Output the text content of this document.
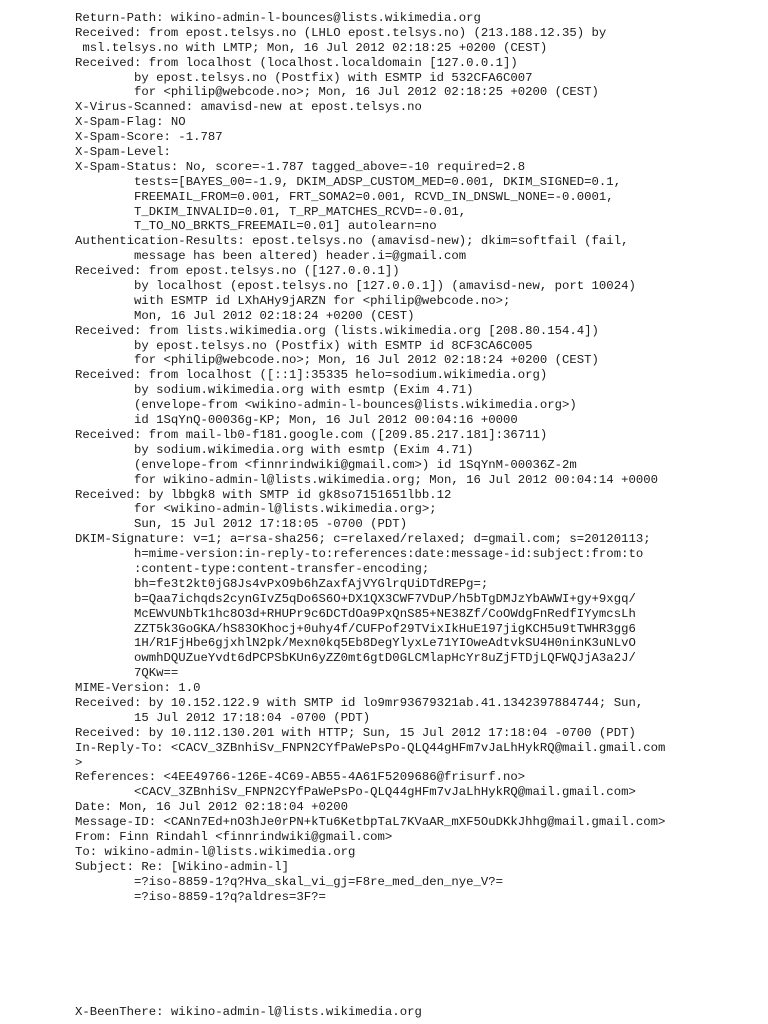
Return-Path: wikino-admin-l-bounces@lists.wikimedia.org
Received: from epost.telsys.no (LHLO epost.telsys.no) (213.188.12.35) by
msl.telsys.no with LMTP; Mon, 16 Jul 2012 02:18:25 +0200 (CEST)
Received: from localhost (localhost.localdomain [127.0.0.1])
by epost.telsys.no (Postfix) with ESMTP id 532CFA6C007
for <philip@webcode.no>; Mon, 16 Jul 2012 02:18:25 +0200 (CEST)
X-Virus-Scanned: amavisd-new at epost.telsys.no
X-Spam-Flag: NO
X-Spam-Score: -1.787
X-Spam-Level:
X-Spam-Status: No, score=-1.787 tagged_above=-10 required=2.8
tests=[BAYES_00=-1.9, DKIM_ADSP_CUSTOM_MED=0.001, DKIM_SIGNED=0.1,
FREEMAIL_FROM=0.001, FRT_SOMA2=0.001, RCVD_IN_DNSWL_NONE=-0.0001,
T_DKIM_INVALID=0.01, T_RP_MATCHES_RCVD=-0.01,
T_TO_NO_BRKTS_FREEMAIL=0.01] autolearn=no
Authentication-Results: epost.telsys.no (amavisd-new); dkim=softfail (fail,
message has been altered) header.i=@gmail.com
Received: from epost.telsys.no ([127.0.0.1])
by localhost (epost.telsys.no [127.0.0.1]) (amavisd-new, port 10024)
with ESMTP id LXhAHy9jARZN for <philip@webcode.no>;
Mon, 16 Jul 2012 02:18:24 +0200 (CEST)
Received: from lists.wikimedia.org (lists.wikimedia.org [208.80.154.4])
by epost.telsys.no (Postfix) with ESMTP id 8CF3CA6C005
for <philip@webcode.no>; Mon, 16 Jul 2012 02:18:24 +0200 (CEST)
Received: from localhost ([::1]:35335 helo=sodium.wikimedia.org)
by sodium.wikimedia.org with esmtp (Exim 4.71)
(envelope-from <wikino-admin-l-bounces@lists.wikimedia.org>)
id 1SqYnQ-00036g-KP; Mon, 16 Jul 2012 00:04:16 +0000
Received: from mail-lb0-f181.google.com ([209.85.217.181]:36711)
by sodium.wikimedia.org with esmtp (Exim 4.71)
(envelope-from <finnrindwiki@gmail.com>) id 1SqYnM-00036Z-2m
for wikino-admin-l@lists.wikimedia.org; Mon, 16 Jul 2012 00:04:14 +0000
Received: by lbbgk8 with SMTP id gk8so7151651lbb.12
for <wikino-admin-l@lists.wikimedia.org>;
Sun, 15 Jul 2012 17:18:05 -0700 (PDT)
DKIM-Signature: v=1; a=rsa-sha256; c=relaxed/relaxed; d=gmail.com; s=20120113;
h=mime-version:in-reply-to:references:date:message-id:subject:from:to
:content-type:content-transfer-encoding;
bh=fe3t2kt0jG8Js4vPxO9b6hZaxfAjVYGlrqUiDTdREPg=;
b=Qaa7ichqds2cynGIvZ5qDo6S6O+DX1QX3CWF7VDuP/h5bTgDMJzYbAWWI+gy+9xgq/
McEWvUNbTk1hc8O3d+RHUPr9c6DCTdOa9PxQnS85+NE38Zf/CoOWdgFnRedfIYymcsLh
ZZT5k3GoGKA/hS83OKhocj+0uhy4f/CUFPof29TVixIkHuE197jigKCH5u9tTWHR3gg6
1H/R1FjHbe6gjxhlN2pk/Mexn0kq5Eb8DegYlyxLe71YIOweAdtvkSU4H0ninK3uNLvO
owmhDQUZueYvdt6dPCPSbKUn6yZZ0mt6gtD0GLCMlapHcYr8uZjFTDjLQFWQJjA3a2J/
7QKw==
MIME-Version: 1.0
Received: by 10.152.122.9 with SMTP id lo9mr93679321ab.41.1342397884744; Sun,
15 Jul 2012 17:18:04 -0700 (PDT)
Received: by 10.112.130.201 with HTTP; Sun, 15 Jul 2012 17:18:04 -0700 (PDT)
In-Reply-To: <CACV_3ZBnhiSv_FNPN2CYfPaWePsPo-QLQ44gHFm7vJaLhHykRQ@mail.gmail.com
>
References: <4EE49766-126E-4C69-AB55-4A61F5209686@frisurf.no>
<CACV_3ZBnhiSv_FNPN2CYfPaWePsPo-QLQ44gHFm7vJaLhHykRQ@mail.gmail.com>
Date: Mon, 16 Jul 2012 02:18:04 +0200
Message-ID: <CANn7Ed+nO3hJe0rPN+kTu6KetbpTaL7KVaAR_mXF5OuDKkJhhg@mail.gmail.com>
From: Finn Rindahl <finnrindwiki@gmail.com>
To: wikino-admin-l@lists.wikimedia.org
Subject: Re: [Wikino-admin-l]
=?iso-8859-1?q?Hva_skal_vi_gj=F8re_med_den_nye_V?=
=?iso-8859-1?q?aldres=3F?=
X-BeenThere: wikino-admin-l@lists.wikimedia.org
